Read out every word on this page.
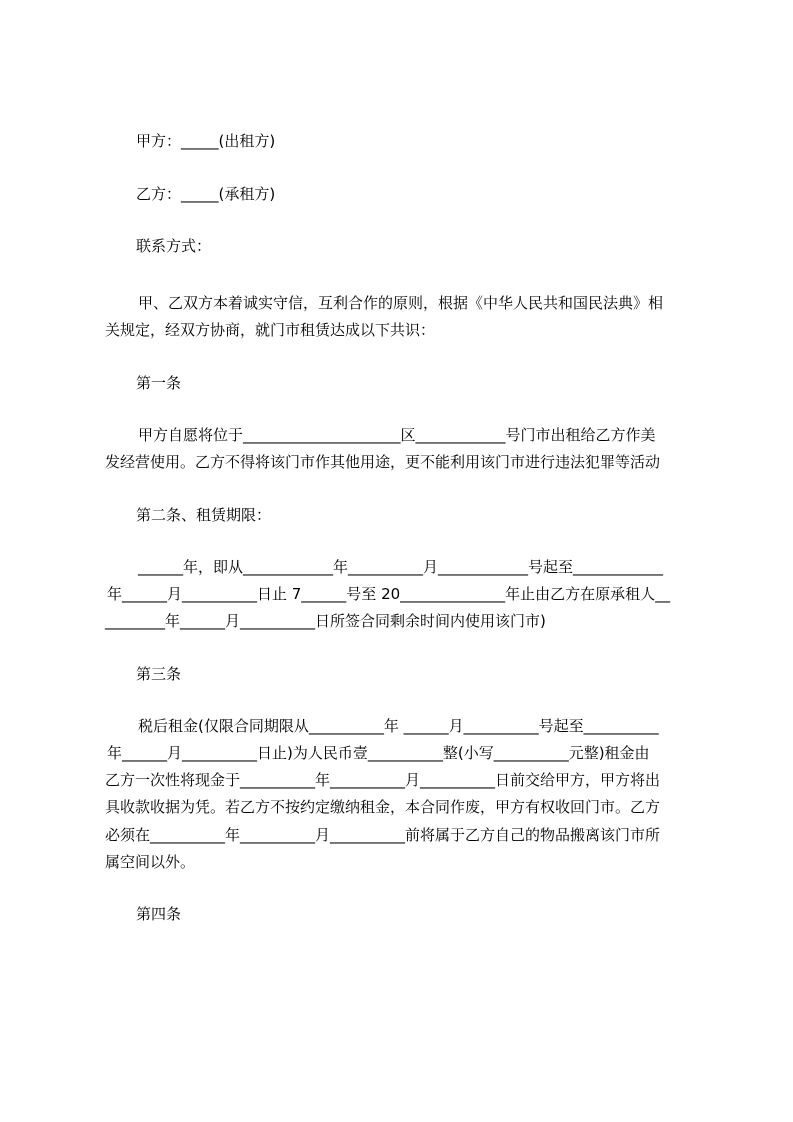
甲方：_____(出租方)
乙方：_____(承租方)
联系方式：
甲、乙双方本着诚实守信，互利合作的原则，根据《中华人民共和国民法典》相
关规定，经双方协商，就门市租赁达成以下共识：
第一条
甲方自愿将位于_____________________区____________号门市出租给乙方作美
发经营使用。乙方不得将该门市作其他用途，更不能利用该门市进行违法犯罪等活动
第二条、租赁期限：
______年，即从____________年__________月____________号起至____________
年______月__________日止 7______号至 20______________年止由乙方在原承租人__
________年______月__________日所签合同剩余时间内使用该门市)
第三条
税后租金(仅限合同期限从__________年 ______月__________号起至__________
年______月__________日止)为人民币壹__________整(小写__________元整)租金由
乙方一次性将现金于__________年__________月__________日前交给甲方，甲方将出
具收款收据为凭。若乙方不按约定缴纳租金，本合同作废，甲方有权收回门市。乙方
必须在__________年__________月__________前将属于乙方自己的物品搬离该门市所
属空间以外。
第四条
